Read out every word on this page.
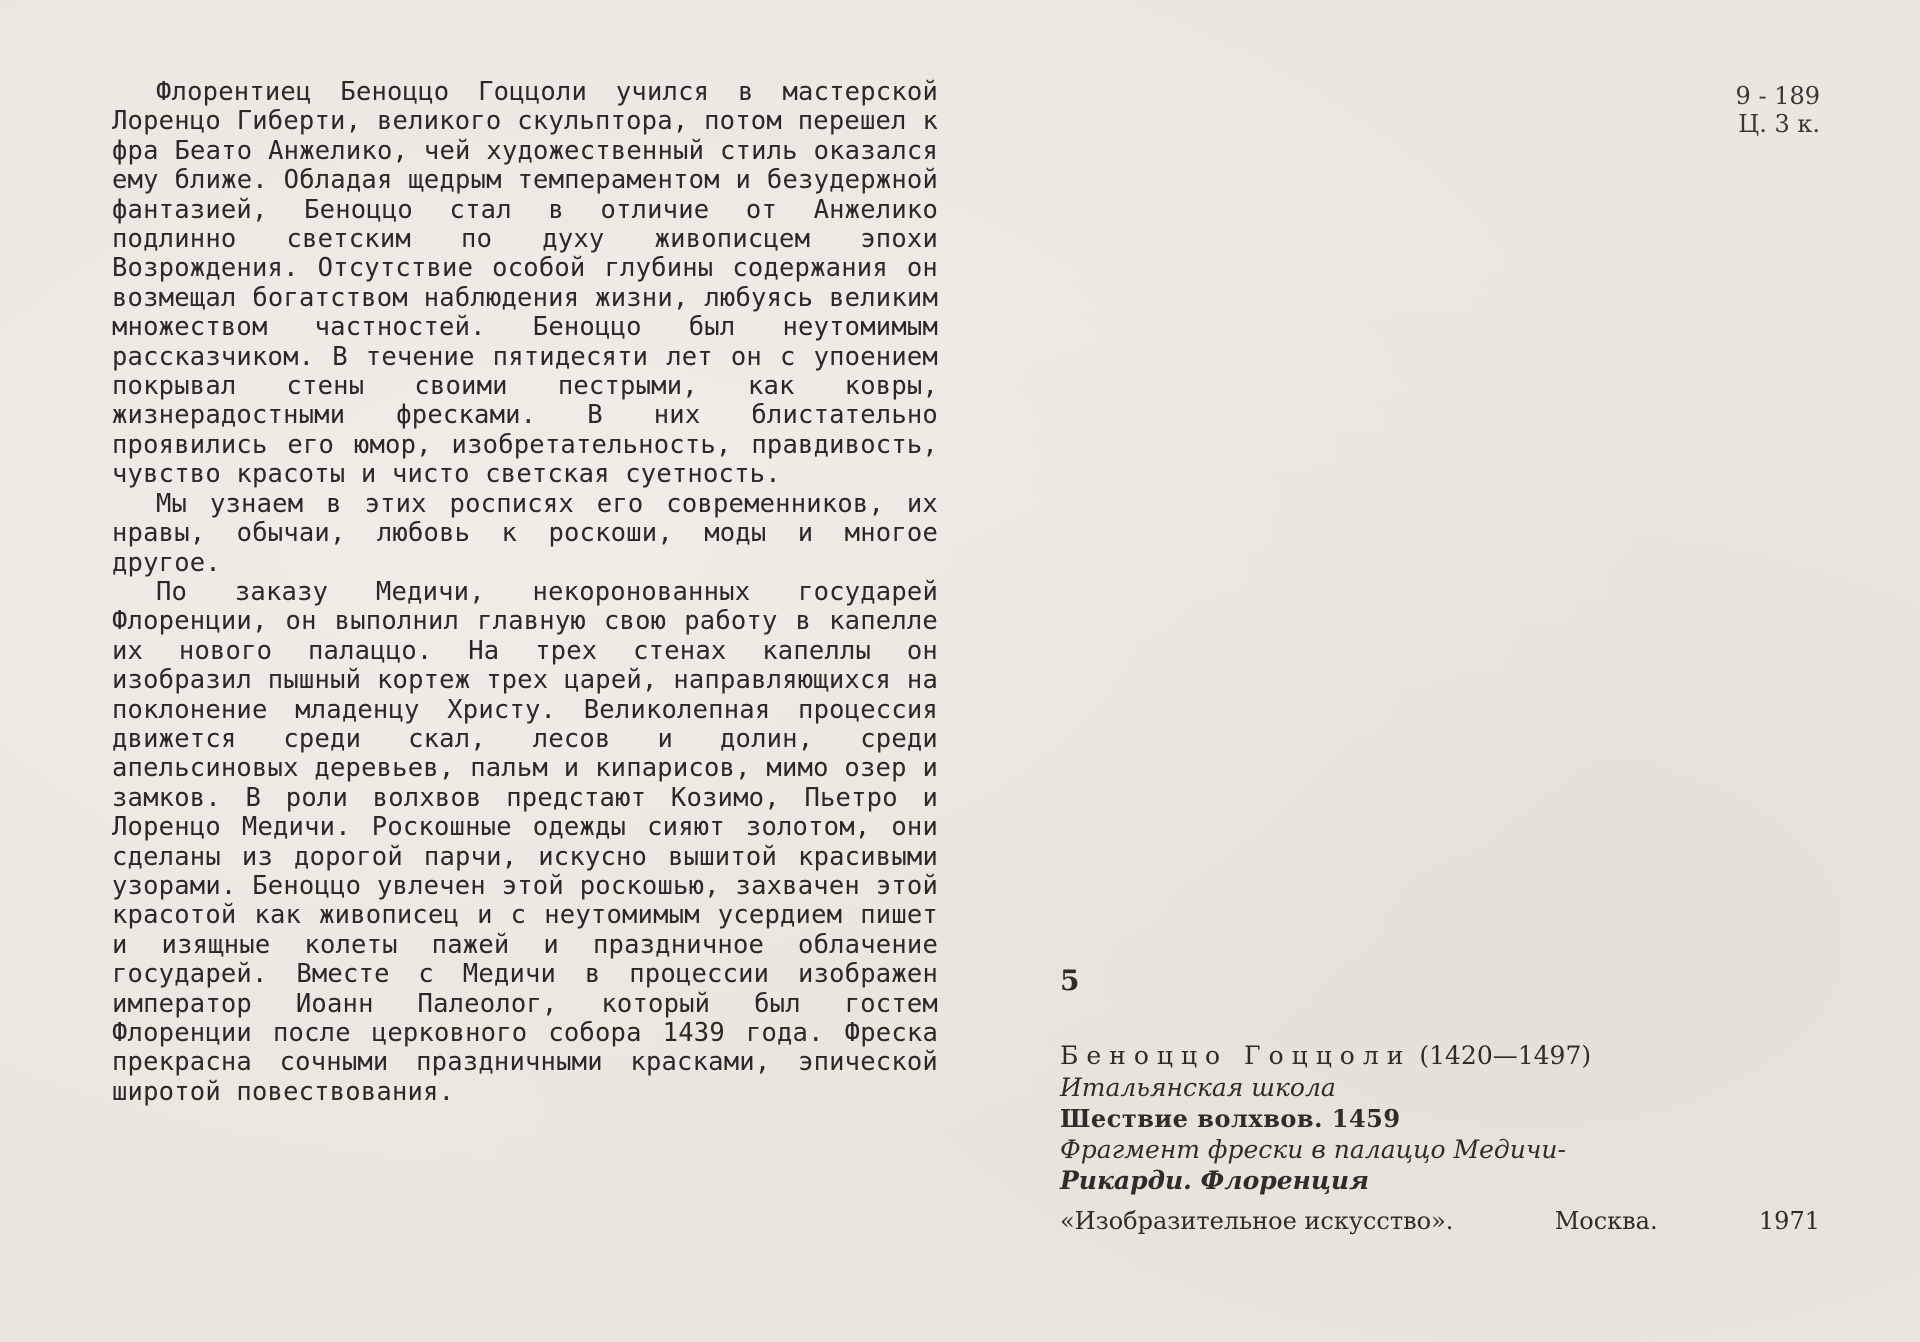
Флорентиец Беноццо Гоццоли учился в мастерской Лоренцо Гиберти, великого скульптора, потом перешел к фра Беато Анжелико, чей художественный стиль оказался ему ближе. Обладая щедрым темпераментом и безудержной фантазией, Беноццо стал в отличие от Анжелико подлинно светским по духу живописцем эпохи Возрождения. Отсутствие особой глубины содержания он возмещал богатством наблюдения жизни, любуясь великим множеством частностей. Беноццо был неутомимым рассказчиком. В течение пятидесяти лет он с упоением покрывал стены своими пестрыми, как ковры, жизнерадостными фресками. В них блистательно проявились его юмор, изобретательность, правдивость, чувство красоты и чисто светская суетность.

Мы узнаем в этих росписях его современников, их нравы, обычаи, любовь к роскоши, моды и многое другое.

По заказу Медичи, некоронованных государей Флоренции, он выполнил главную свою работу в капелле их нового палаццо. На трех стенах капеллы он изобразил пышный кортеж трех царей, направляющихся на поклонение младенцу Христу. Великолепная процессия движется среди скал, лесов и долин, среди апельсиновых деревьев, пальм и кипарисов, мимо озер и замков. В роли волхвов предстают Козимо, Пьетро и Лоренцо Медичи. Роскошные одежды сияют золотом, они сделаны из дорогой парчи, искусно вышитой красивыми узорами. Беноццо увлечен этой роскошью, захвачен этой красотой как живописец и с неутомимым усердием пишет и изящные колеты пажей и праздничное облачение государей. Вместе с Медичи в процессии изображен император Иоанн Палеолог, который был гостем Флоренции после церковного собора 1439 года. Фреска прекрасна сочными праздничными красками, эпической широтой повествования.

9 - 189
Ц. 3 к.
5
Беноццо Гоццоли (1420—1497)
Итальянская школа
Шествие волхвов. 1459
Фрагмент фрески в палаццо Медичи-
Рикарди. Флоренция
«Изобразительное искусство».	Москва.	1971
